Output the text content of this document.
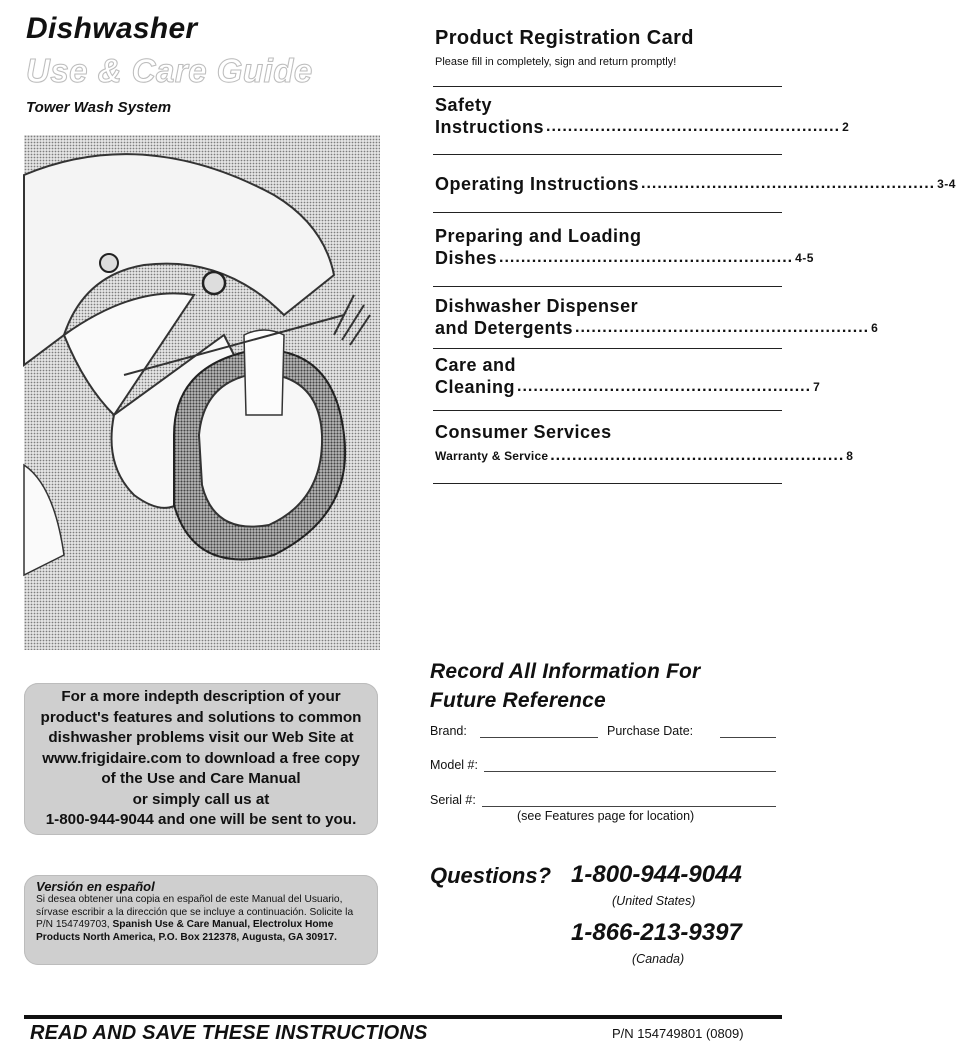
Dishwasher
Use & Care Guide
Tower Wash System
Product Registration Card
Please fill in completely, sign and return promptly!
Safety
Instructions ...................................................... 2
Operating Instructions ...................................................... 3-4
Preparing and Loading
Dishes ...................................................... 4-5
Dishwasher Dispenser
and Detergents ...................................................... 6
Care and
Cleaning ...................................................... 7
Consumer Services
Warranty & Service ...................................................... 8
For a more indepth description of your
product's features and solutions to common
dishwasher problems visit our Web Site at
www.frigidaire.com to download a free copy
of the Use and Care Manual
or simply call us at
1-800-944-9044 and one will be sent to you.
Versión en español
Si desea obtener una copia en español de este Manual del Usuario, sírvase escribir a la dirección que se incluye a continuación. Solicite la P/N 154749703, Spanish Use & Care Manual, Electrolux Home Products North America, P.O. Box 212378, Augusta, GA 30917.
Record All Information For
Future Reference
Brand:	Purchase Date:
Model #:
Serial #:
(see Features page for location)
Questions? 1-800-944-9044
(United States)
1-866-213-9397
(Canada)
READ AND SAVE THESE INSTRUCTIONS	P/N 154749801 (0809)
